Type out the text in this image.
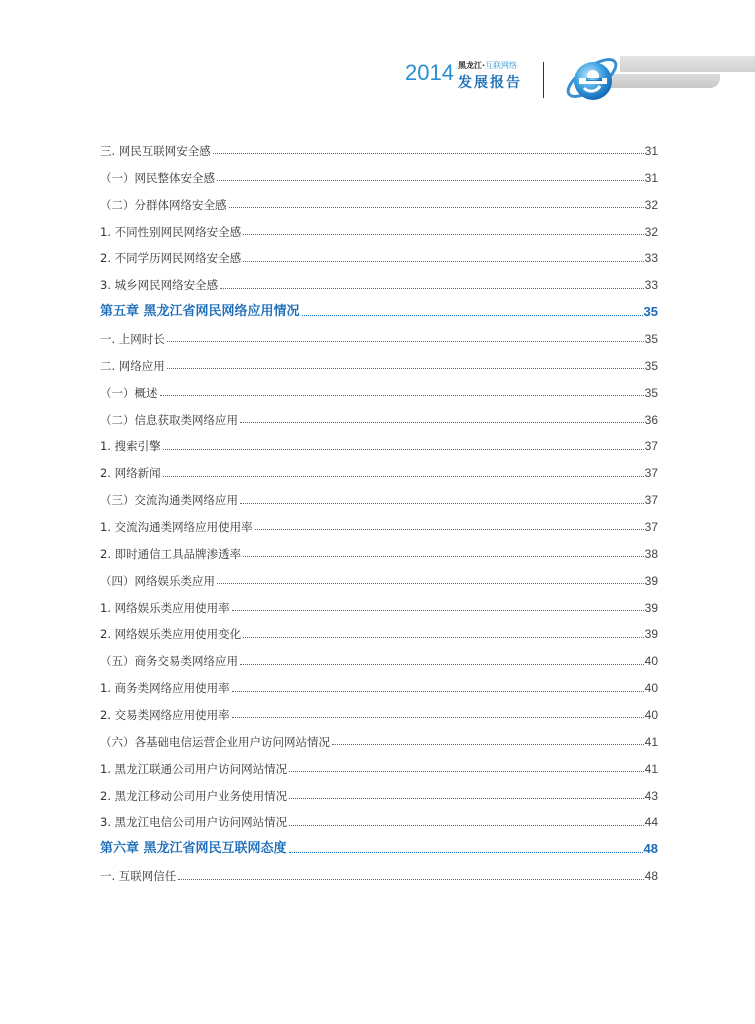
2014 黑龙江·互联网络
发展报告
三. 网民互联网安全感	31
（一）网民整体安全感	31
（二）分群体网络安全感	32
1. 不同性别网民网络安全感	32
2. 不同学历网民网络安全感	33
3. 城乡网民网络安全感	33
第五章 黑龙江省网民网络应用情况	35
一. 上网时长	35
二. 网络应用	35
（一）概述	35
（二）信息获取类网络应用	36
1. 搜索引擎	37
2. 网络新闻	37
（三）交流沟通类网络应用	37
1. 交流沟通类网络应用使用率	37
2. 即时通信工具品牌渗透率	38
（四）网络娱乐类应用	39
1. 网络娱乐类应用使用率	39
2. 网络娱乐类应用使用变化	39
（五）商务交易类网络应用	40
1. 商务类网络应用使用率	40
2. 交易类网络应用使用率	40
（六）各基础电信运营企业用户访问网站情况	41
1. 黑龙江联通公司用户访问网站情况	41
2. 黑龙江移动公司用户业务使用情况	43
3. 黑龙江电信公司用户访问网站情况	44
第六章 黑龙江省网民互联网态度	48
一. 互联网信任	48
